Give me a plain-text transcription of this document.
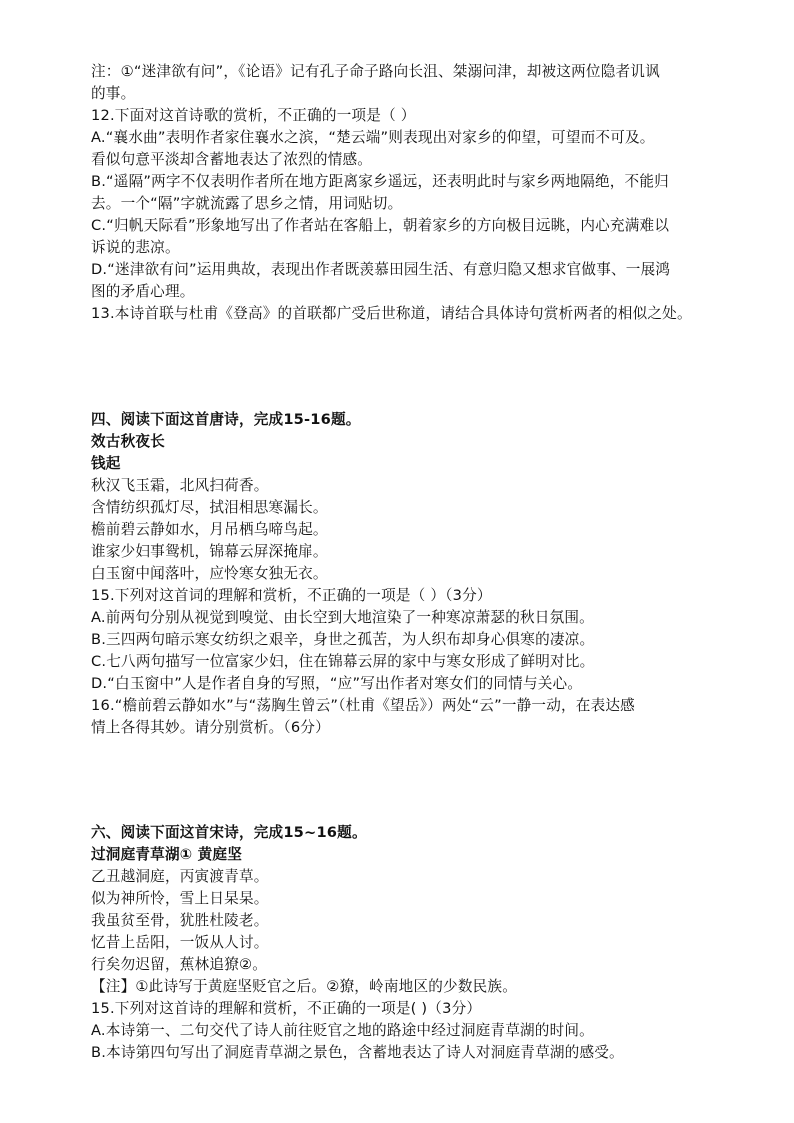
注：①“迷津欲有问”，《论语》记有孔子命子路向长沮、桀溺问津，却被这两位隐者讥讽
的事。
12.下面对这首诗歌的赏析，不正确的一项是（ ）
A.“襄水曲”表明作者家住襄水之滨，“楚云端”则表现出对家乡的仰望，可望而不可及。
看似句意平淡却含蓄地表达了浓烈的情感。
B.“遥隔”两字不仅表明作者所在地方距离家乡遥远，还表明此时与家乡两地隔绝，不能归
去。一个“隔”字就流露了思乡之情，用词贴切。
C.“归帆天际看”形象地写出了作者站在客船上，朝着家乡的方向极目远眺，内心充满难以
诉说的悲凉。
D.“迷津欲有问”运用典故，表现出作者既羡慕田园生活、有意归隐又想求官做事、一展鸿
图的矛盾心理。
13.本诗首联与杜甫《登高》的首联都广受后世称道，请结合具体诗句赏析两者的相似之处。
四、阅读下面这首唐诗，完成15-16题。
效古秋夜长
钱起
秋汉飞玉霜，北风扫荷香。
含情纺织孤灯尽，拭泪相思寒漏长。
檐前碧云静如水，月吊栖乌啼鸟起。
谁家少妇事鸳机，锦幕云屏深掩扉。
白玉窗中闻落叶，应怜寒女独无衣。
15.下列对这首词的理解和赏析，不正确的一项是（ ）（3分）
A.前两句分别从视觉到嗅觉、由长空到大地渲染了一种寒凉萧瑟的秋日氛围。
B.三四两句暗示寒女纺织之艰辛，身世之孤苦，为人织布却身心俱寒的凄凉。
C.七八两句描写一位富家少妇，住在锦幕云屏的家中与寒女形成了鲜明对比。
D.“白玉窗中”人是作者自身的写照，“应”写出作者对寒女们的同情与关心。
16.“檐前碧云静如水”与“荡胸生曾云”（杜甫《望岳》）两处“云”一静一动，在表达感
情上各得其妙。请分别赏析。（6分）
六、阅读下面这首宋诗，完成15~16题。
过洞庭青草湖① 黄庭坚
乙丑越洞庭，丙寅渡青草。
似为神所怜，雪上日杲杲。
我虽贫至骨，犹胜杜陵老。
忆昔上岳阳，一饭从人讨。
行矣勿迟留，蕉林追獠②。
【注】①此诗写于黄庭坚贬官之后。②獠，岭南地区的少数民族。
15.下列对这首诗的理解和赏析，不正确的一项是( )（3分）
A.本诗第一、二句交代了诗人前往贬官之地的路途中经过洞庭青草湖的时间。
B.本诗第四句写出了洞庭青草湖之景色，含蓄地表达了诗人对洞庭青草湖的感受。
